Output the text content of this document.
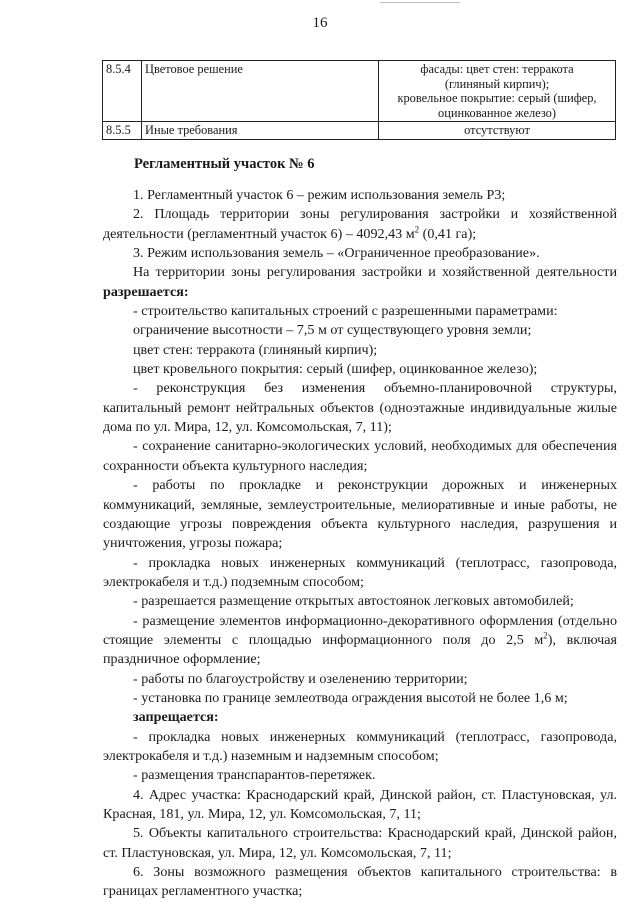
16
8.5.4	Цветовое решение	фасады: цвет стен: терракота
(глиняный кирпич);
кровельное покрытие: серый (шифер,
оцинкованное железо)

8.5.5	Иные требования	отсутствуют
Регламентный участок № 6

1. Регламентный участок 6 – режим использования земель Р3;

2. Площадь территории зоны регулирования застройки и хозяйственной деятельности (регламентный участок 6) – 4092,43 $м^2$ (0,41 га);

3. Режим использования земель – «Ограниченное преобразование».

На территории зоны регулирования застройки и хозяйственной деятельности разрешается:

- строительство капитальных строений с разрешенными параметрами:

ограничение высотности – 7,5 м от существующего уровня земли;

цвет стен: терракота (глиняный кирпич);

цвет кровельного покрытия: серый (шифер, оцинкованное железо);

- реконструкция без изменения объемно-планировочной структуры, капитальный ремонт нейтральных объектов (одноэтажные индивидуальные жилые дома по ул. Мира, 12, ул. Комсомольская, 7, 11);

- сохранение санитарно-экологических условий, необходимых для обеспечения сохранности объекта культурного наследия;

- работы по прокладке и реконструкции дорожных и инженерных коммуникаций, земляные, землеустроительные, мелиоративные и иные работы, не создающие угрозы повреждения объекта культурного наследия, разрушения и уничтожения, угрозы пожара;

- прокладка новых инженерных коммуникаций (теплотрасс, газопровода, электрокабеля и т.д.) подземным способом;

- разрешается размещение открытых автостоянок легковых автомобилей;

- размещение элементов информационно-декоративного оформления (отдельно стоящие элементы с площадью информационного поля до 2,5 $м^2$), включая праздничное оформление;

- работы по благоустройству и озеленению территории;

- установка по границе землеотвода ограждения высотой не более 1,6 м;

запрещается:

- прокладка новых инженерных коммуникаций (теплотрасс, газопровода, электрокабеля и т.д.) наземным и надземным способом;

- размещения транспарантов-перетяжек.

4. Адрес участка: Краснодарский край, Динской район, ст. Пластуновская, ул. Красная, 181, ул. Мира, 12, ул. Комсомольская, 7, 11;

5. Объекты капитального строительства: Краснодарский край, Динской район, ст. Пластуновская, ул. Мира, 12, ул. Комсомольская, 7, 11;

6. Зоны возможного размещения объектов капитального строительства: в границах регламентного участка;
